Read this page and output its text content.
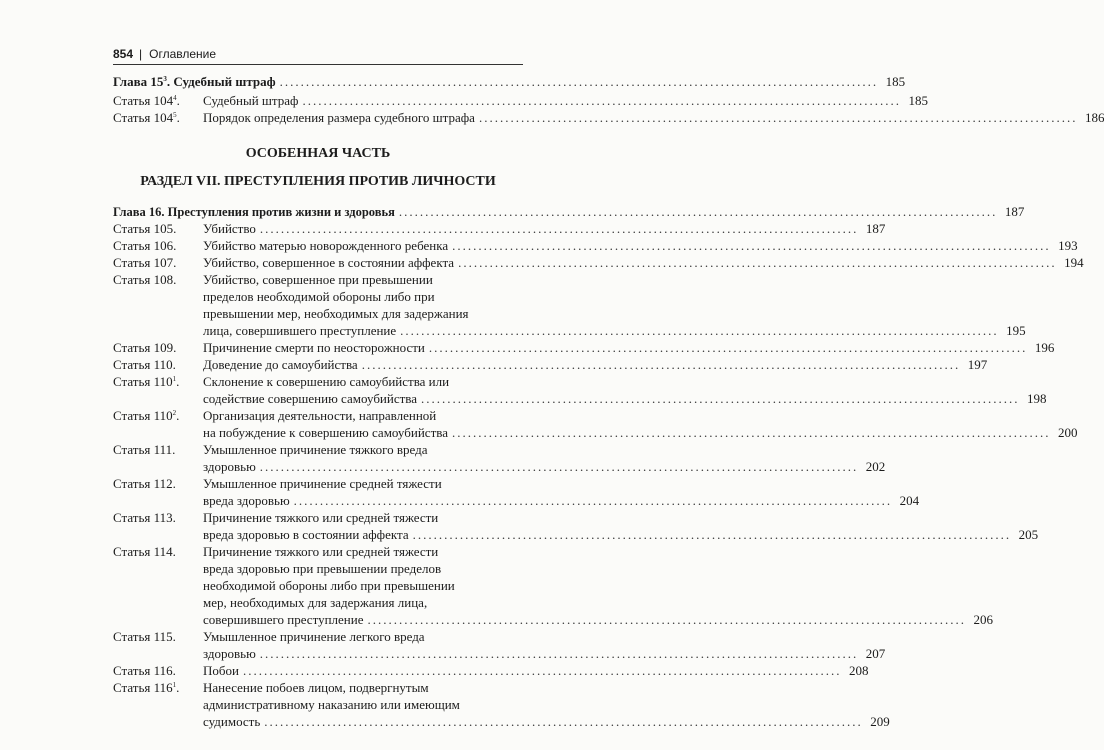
854 | Оглавление
Глава $15^3$. Судебный штраф .................................................................................................................. 185
Статья $104^4$. Судебный штраф .................................................................................................................. 185
Статья $104^5$. Порядок определения размера судебного штрафа .................................................................................................................. 186
ОСОБЕННАЯ ЧАСТЬ
РАЗДЕЛ VII. ПРЕСТУПЛЕНИЯ ПРОТИВ ЛИЧНОСТИ
Глава 16. Преступления против жизни и здоровья .................................................................................................................. 187
Статья 105. Убийство .................................................................................................................. 187
Статья 106. Убийство матерью новорожденного ребенка .................................................................................................................. 193
Статья 107. Убийство, совершенное в состоянии аффекта .................................................................................................................. 194
Статья 108. Убийство, совершенное при превышении
пределов необходимой обороны либо при
превышении мер, необходимых для задержания
лица, совершившего преступление .................................................................................................................. 195
Статья 109. Причинение смерти по неосторожности .................................................................................................................. 196
Статья 110. Доведение до самоубийства .................................................................................................................. 197
Статья $110^1$. Склонение к совершению самоубийства или
содействие совершению самоубийства .................................................................................................................. 198
Статья $110^2$. Организация деятельности, направленной
на побуждение к совершению самоубийства .................................................................................................................. 200
Статья 111. Умышленное причинение тяжкого вреда
здоровью .................................................................................................................. 202
Статья 112. Умышленное причинение средней тяжести
вреда здоровью .................................................................................................................. 204
Статья 113. Причинение тяжкого или средней тяжести
вреда здоровью в состоянии аффекта .................................................................................................................. 205
Статья 114. Причинение тяжкого или средней тяжести
вреда здоровью при превышении пределов
необходимой обороны либо при превышении
мер, необходимых для задержания лица,
совершившего преступление .................................................................................................................. 206
Статья 115. Умышленное причинение легкого вреда
здоровью .................................................................................................................. 207
Статья 116. Побои .................................................................................................................. 208
Статья $116^1$. Нанесение побоев лицом, подвергнутым
административному наказанию или имеющим
судимость .................................................................................................................. 209
